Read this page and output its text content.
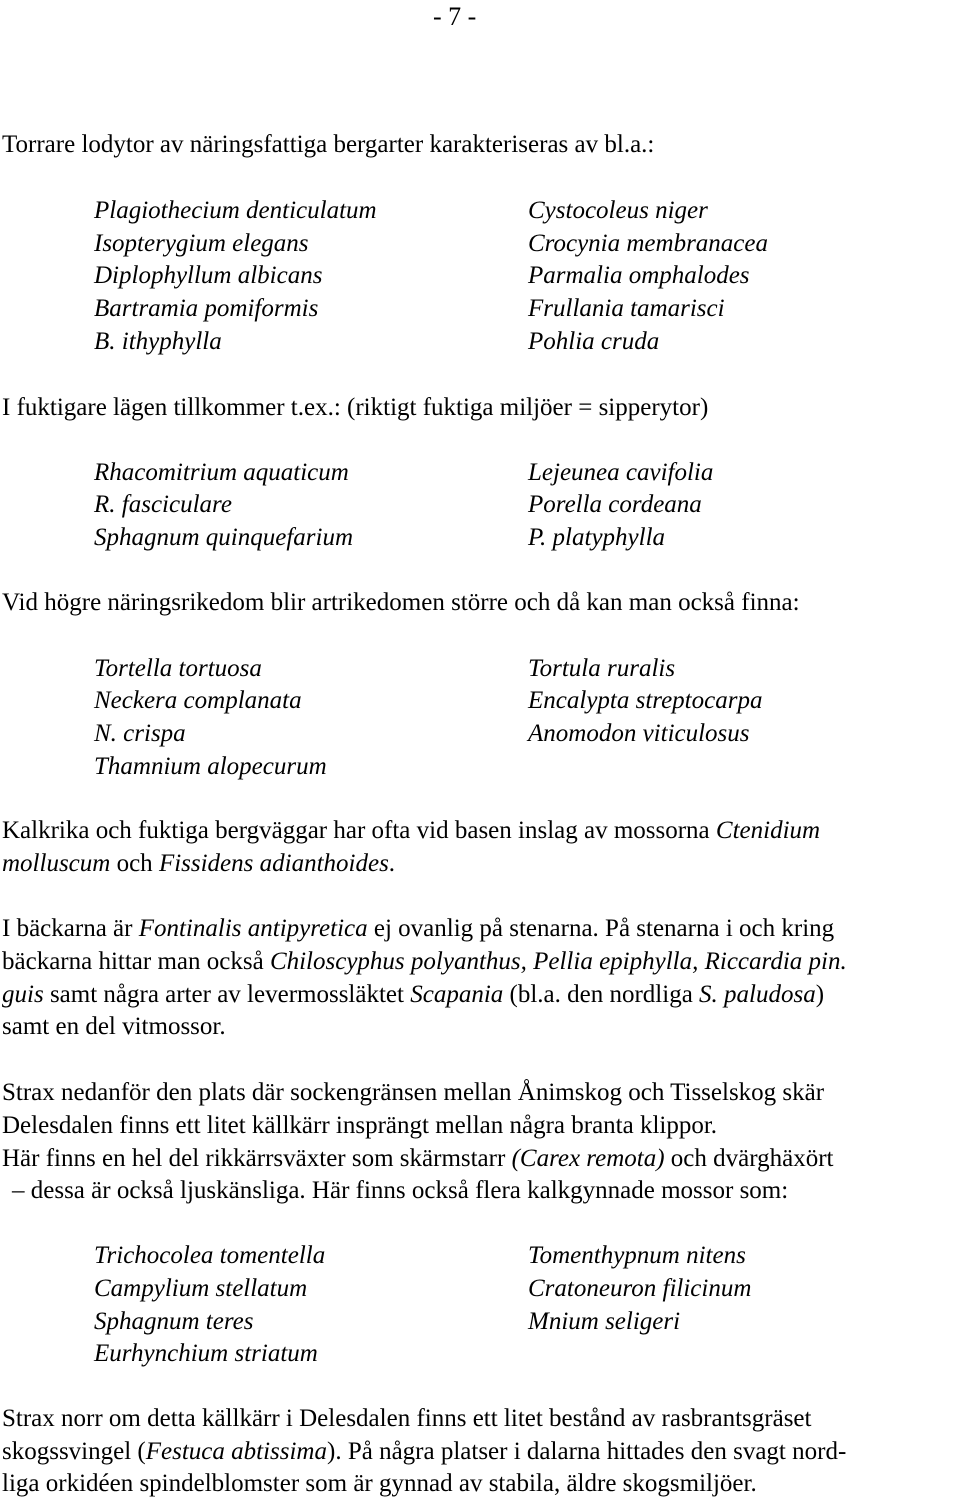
- 7 -
Torrare lodytor av näringsfattiga bergarter karakteriseras av bl.a.:
Plagiothecium denticulatum
Isopterygium elegans
Diplophyllum albicans
Bartramia pomiformis
B. ithyphylla
Cystocoleus niger
Crocynia membranacea
Parmalia omphalodes
Frullania tamarisci
Pohlia cruda
I fuktigare lägen tillkommer t.ex.: (riktigt fuktiga miljöer = sipperytor)
Rhacomitrium aquaticum
R. fasciculare
Sphagnum quinquefarium
Lejeunea cavifolia
Porella cordeana
P. platyphylla
Vid högre näringsrikedom blir artrikedomen större och då kan man också finna:
Tortella tortuosa
Neckera complanata
N. crispa
Thamnium alopecurum
Tortula ruralis
Encalypta streptocarpa
Anomodon viticulosus
Kalkrika och fuktiga bergväggar har ofta vid basen inslag av mossorna Ctenidium
molluscum och Fissidens adianthoides.
I bäckarna är Fontinalis antipyretica ej ovanlig på stenarna. På stenarna i och kring
bäckarna hittar man också Chiloscyphus polyanthus, Pellia epiphylla, Riccardia pin.
guis samt några arter av levermossläktet Scapania (bl.a. den nordliga S. paludosa)
samt en del vitmossor.
Strax nedanför den plats där sockengränsen mellan Ånimskog och Tisselskog skär
Delesdalen finns ett litet källkärr insprängt mellan några branta klippor.
Här finns en hel del rikkärrsväxter som skärmstarr (Carex remota) och dvärghäxört
– dessa är också ljuskänsliga. Här finns också flera kalkgynnade mossor som:
Trichocolea tomentella
Campylium stellatum
Sphagnum teres
Eurhynchium striatum
Tomenthypnum nitens
Cratoneuron filicinum
Mnium seligeri
Strax norr om detta källkärr i Delesdalen finns ett litet bestånd av rasbrantsgräset
skogssvingel (Festuca abtissima). På några platser i dalarna hittades den svagt nord-
liga orkidéen spindelblomster som är gynnad av stabila, äldre skogsmiljöer.
